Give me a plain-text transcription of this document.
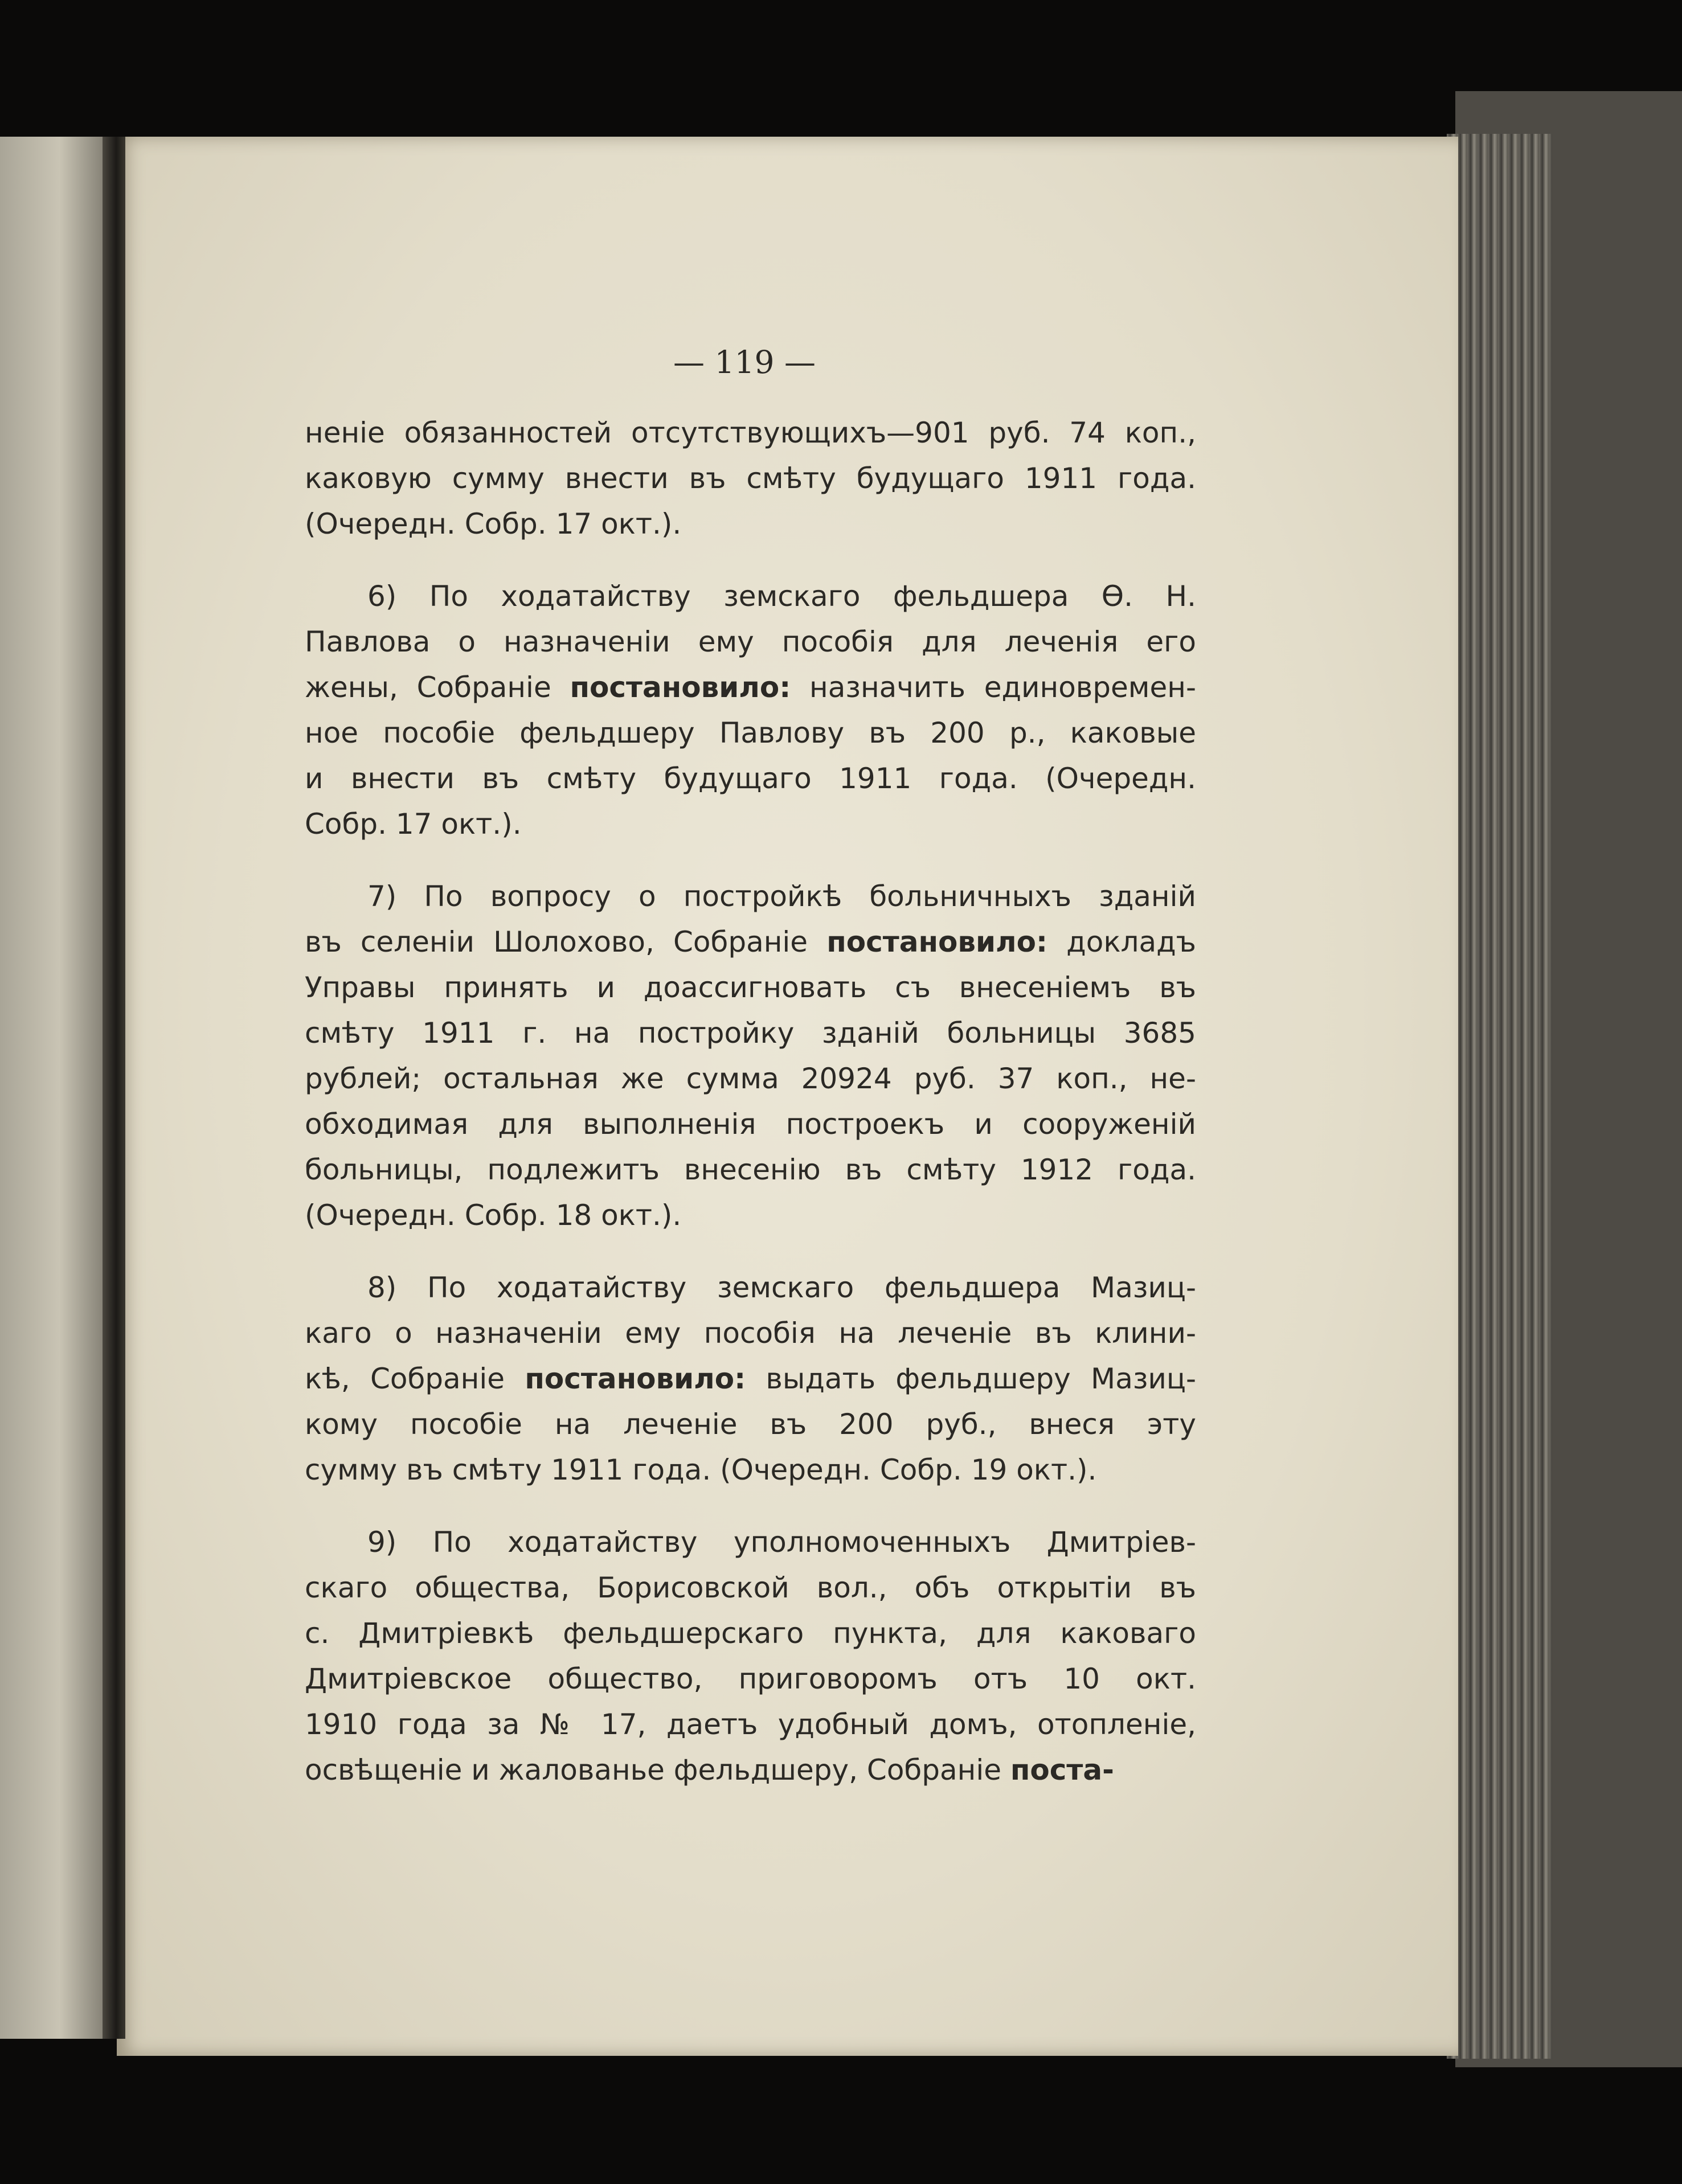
— 119 —
неніе обязанностей отсутствующихъ—901 руб. 74 коп.,
каковую сумму внести въ смѣту будущаго 1911 года.
(Очередн. Собр. 17 окт.).
6) По ходатайству земскаго фельдшера Ѳ. Н.
Павлова о назначеніи ему пособія для леченія его
жены, Собраніе постановило: назначить единовремен-
ное пособіе фельдшеру Павлову въ 200 р., каковые
и внести въ смѣту будущаго 1911 года. (Очередн.
Собр. 17 окт.).
7) По вопросу о постройкѣ больничныхъ зданій
въ селеніи Шолохово, Собраніе постановило: докладъ
Управы принять и доассигновать съ внесеніемъ въ
смѣту 1911 г. на постройку зданій больницы 3685
рублей; остальная же сумма 20924 руб. 37 коп., не-
обходимая для выполненія построекъ и сооруженій
больницы, подлежитъ внесенію въ смѣту 1912 года.
(Очередн. Собр. 18 окт.).
8) По ходатайству земскаго фельдшера Мазиц-
каго о назначеніи ему пособія на леченіе въ клини-
кѣ, Собраніе постановило: выдать фельдшеру Мазиц-
кому пособіе на леченіе въ 200 руб., внеся эту
сумму въ смѣту 1911 года. (Очередн. Собр. 19 окт.).
9) По ходатайству уполномоченныхъ Дмитріев-
скаго общества, Борисовской вол., объ открытіи въ
с. Дмитріевкѣ фельдшерскаго пункта, для каковаго
Дмитріевское общество, приговоромъ отъ 10 окт.
1910 года за № 17, даетъ удобный домъ, отопленіе,
освѣщеніе и жалованье фельдшеру, Собраніе поста-
